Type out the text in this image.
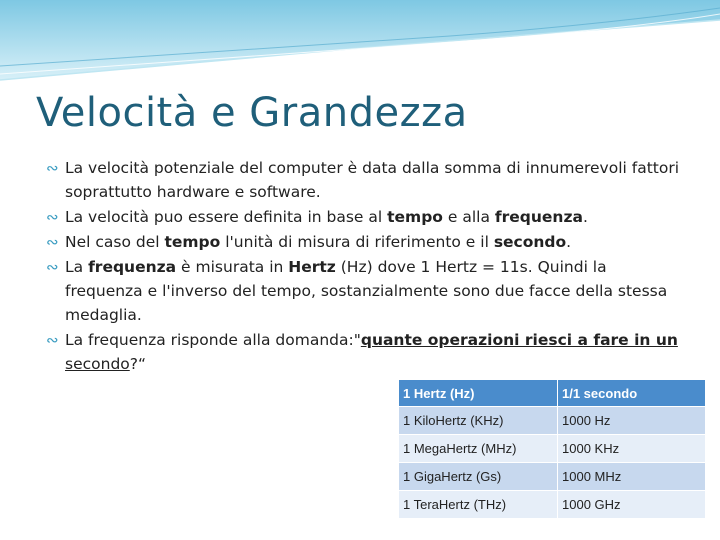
Velocità e Grandezza
∾ La velocità potenziale del computer è data dalla somma di innumerevoli fattori soprattutto hardware e software.
∾ La velocità puo essere definita in base al tempo e alla frequenza.
∾ Nel caso del tempo l'unità di misura di riferimento e il secondo.
∾ La frequenza è misurata in Hertz (Hz) dove 1 Hertz = 11s. Quindi la frequenza e l'inverso del tempo, sostanzialmente sono due facce della stessa medaglia.
∾ La frequenza risponde alla domanda:"quante operazioni riesci a fare in un secondo?“
1 Hertz (Hz)	1/1 secondo
1 KiloHertz (KHz)	1000 Hz
1 MegaHertz (MHz)	1000 KHz
1 GigaHertz (Gs)	1000 MHz
1 TeraHertz (THz)	1000 GHz
